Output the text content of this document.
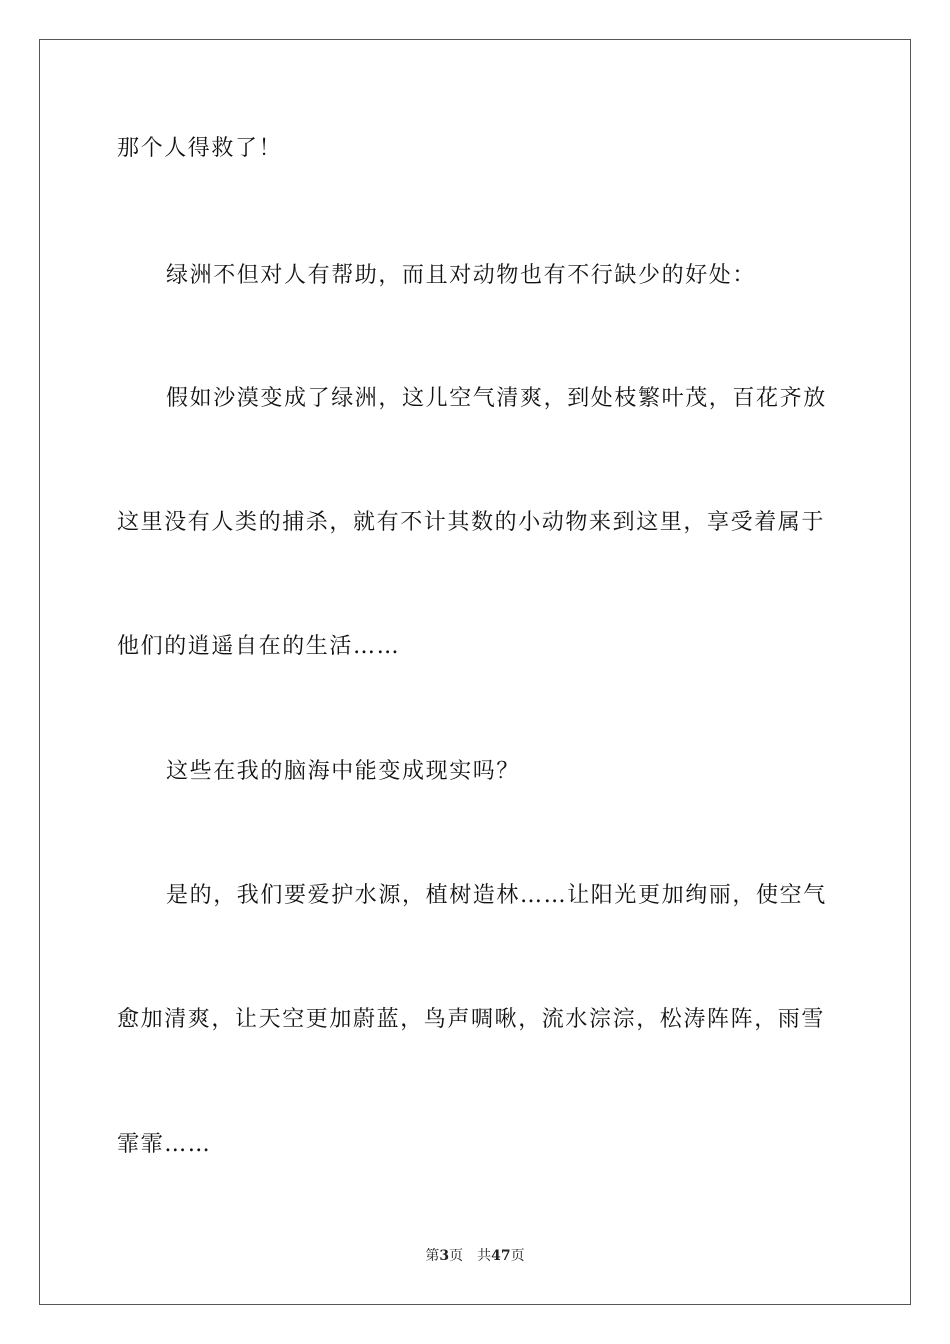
那个人得救了！
绿洲不但对人有帮助，而且对动物也有不行缺少的好处：
假如沙漠变成了绿洲，这儿空气清爽，到处枝繁叶茂，百花齐放
这里没有人类的捕杀，就有不计其数的小动物来到这里，享受着属于
他们的逍遥自在的生活……
这些在我的脑海中能变成现实吗？
是的，我们要爱护水源，植树造林……让阳光更加绚丽，使空气
愈加清爽，让天空更加蔚蓝，鸟声啁啾，流水淙淙，松涛阵阵，雨雪
霏霏……
第3页 共47页
